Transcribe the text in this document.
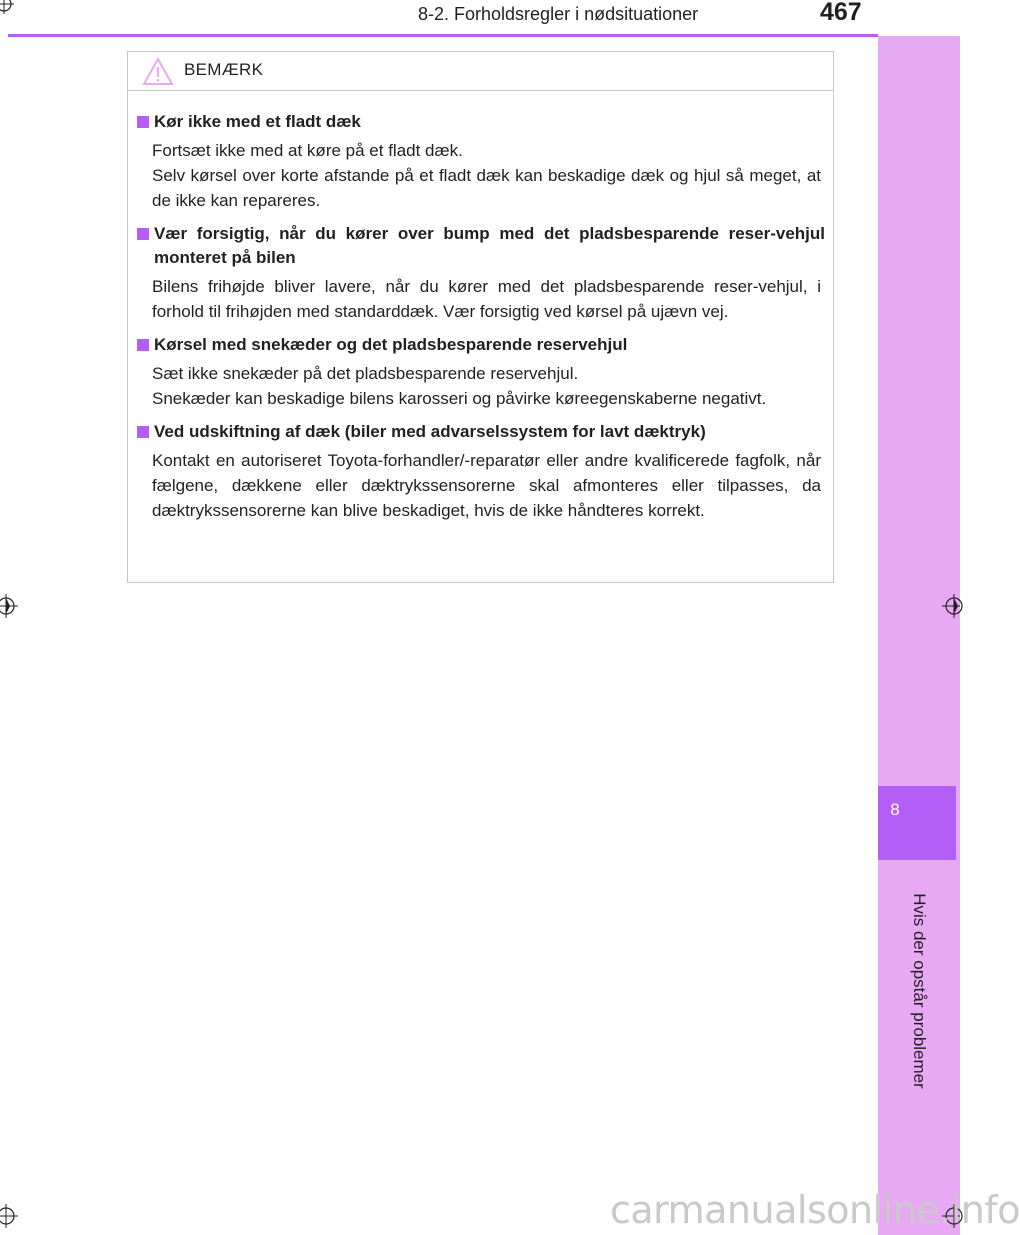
8
Hvis der opstår problemer
8-2. Forholdsregler i nødsituationer	467
BEMÆRK
Kør ikke med et fladt dæk

Fortsæt ikke med at køre på et fladt dæk.

Selv kørsel over korte afstande på et fladt dæk kan beskadige dæk og hjul så meget, at de ikke kan repareres.

Vær forsigtig, når du kører over bump med det pladsbesparende reser-vehjul monteret på bilen

Bilens frihøjde bliver lavere, når du kører med det pladsbesparende reser-vehjul, i forhold til frihøjden med standarddæk. Vær forsigtig ved kørsel på ujævn vej.

Kørsel med snekæder og det pladsbesparende reservehjul

Sæt ikke snekæder på det pladsbesparende reservehjul.

Snekæder kan beskadige bilens karosseri og påvirke køreegenskaberne negativt.

Ved udskiftning af dæk (biler med advarselssystem for lavt dæktryk)

Kontakt en autoriseret Toyota-forhandler/-reparatør eller andre kvalificerede fagfolk, når fælgene, dækkene eller dæktrykssensorerne skal afmonteres eller tilpasses, da dæktrykssensorerne kan blive beskadiget, hvis de ikke håndteres korrekt.

carmanualsonline.info
